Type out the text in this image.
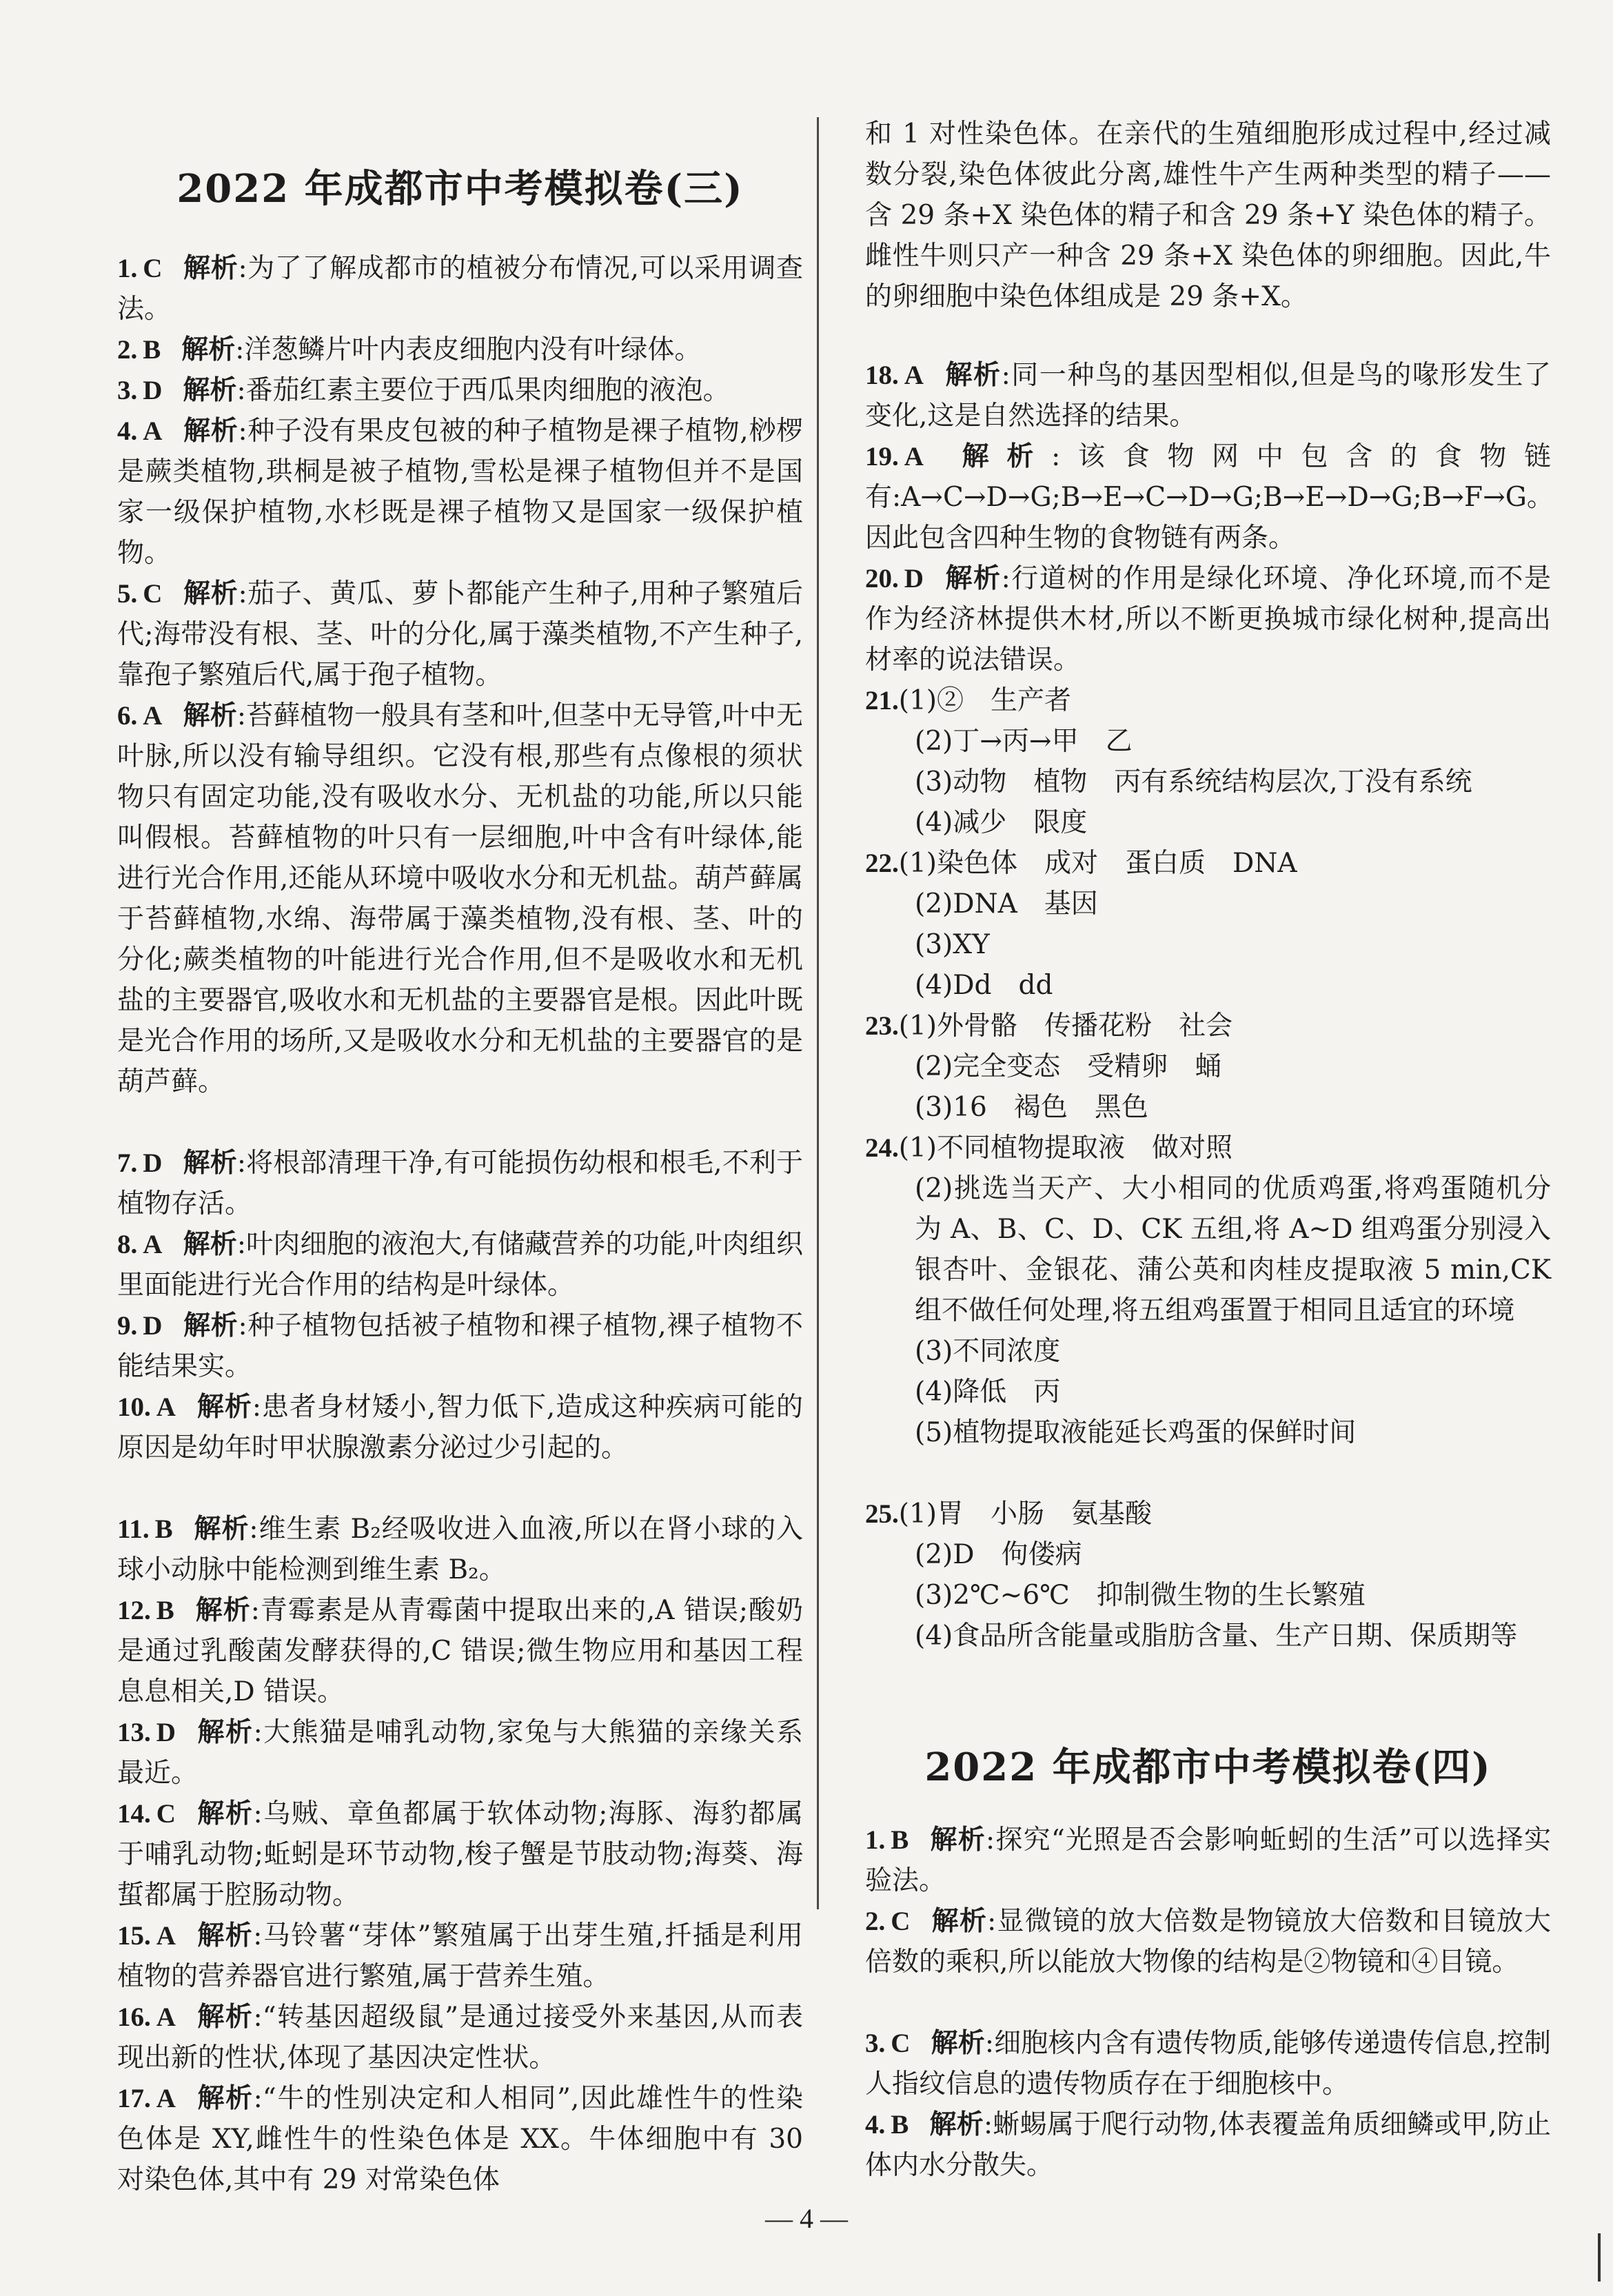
2022 年成都市中考模拟卷(三)
1. C 解析:为了了解成都市的植被分布情况,可以采用调查法。
2. B 解析:洋葱鳞片叶内表皮细胞内没有叶绿体。
3. D 解析:番茄红素主要位于西瓜果肉细胞的液泡。
4. A 解析:种子没有果皮包被的种子植物是裸子植物,桫椤是蕨类植物,珙桐是被子植物,雪松是裸子植物但并不是国家一级保护植物,水杉既是裸子植物又是国家一级保护植物。
5. C 解析:茄子、黄瓜、萝卜都能产生种子,用种子繁殖后代;海带没有根、茎、叶的分化,属于藻类植物,不产生种子,靠孢子繁殖后代,属于孢子植物。
6. A 解析:苔藓植物一般具有茎和叶,但茎中无导管,叶中无叶脉,所以没有输导组织。它没有根,那些有点像根的须状物只有固定功能,没有吸收水分、无机盐的功能,所以只能叫假根。苔藓植物的叶只有一层细胞,叶中含有叶绿体,能进行光合作用,还能从环境中吸收水分和无机盐。葫芦藓属于苔藓植物,水绵、海带属于藻类植物,没有根、茎、叶的分化;蕨类植物的叶能进行光合作用,但不是吸收水和无机盐的主要器官,吸收水和无机盐的主要器官是根。因此叶既是光合作用的场所,又是吸收水分和无机盐的主要器官的是葫芦藓。
7. D 解析:将根部清理干净,有可能损伤幼根和根毛,不利于植物存活。
8. A 解析:叶肉细胞的液泡大,有储藏营养的功能,叶肉组织里面能进行光合作用的结构是叶绿体。
9. D 解析:种子植物包括被子植物和裸子植物,裸子植物不能结果实。
10. A 解析:患者身材矮小,智力低下,造成这种疾病可能的原因是幼年时甲状腺激素分泌过少引起的。
11. B 解析:维生素 B₂经吸收进入血液,所以在肾小球的入球小动脉中能检测到维生素 B₂。
12. B 解析:青霉素是从青霉菌中提取出来的,A 错误;酸奶是通过乳酸菌发酵获得的,C 错误;微生物应用和基因工程息息相关,D 错误。
13. D 解析:大熊猫是哺乳动物,家兔与大熊猫的亲缘关系最近。
14. C 解析:乌贼、章鱼都属于软体动物;海豚、海豹都属于哺乳动物;蚯蚓是环节动物,梭子蟹是节肢动物;海葵、海蜇都属于腔肠动物。
15. A 解析:马铃薯“芽体”繁殖属于出芽生殖,扦插是利用植物的营养器官进行繁殖,属于营养生殖。
16. A 解析:“转基因超级鼠”是通过接受外来基因,从而表现出新的性状,体现了基因决定性状。
17. A 解析:“牛的性别决定和人相同”,因此雄性牛的性染色体是 XY,雌性牛的性染色体是 XX。牛体细胞中有 30 对染色体,其中有 29 对常染色体
和 1 对性染色体。在亲代的生殖细胞形成过程中,经过减数分裂,染色体彼此分离,雄性牛产生两种类型的精子——含 29 条+X 染色体的精子和含 29 条+Y 染色体的精子。雌性牛则只产一种含 29 条+X 染色体的卵细胞。因此,牛的卵细胞中染色体组成是 29 条+X。
18. A 解析:同一种鸟的基因型相似,但是鸟的喙形发生了变化,这是自然选择的结果。
19. A 解析:该食物网中包含的食物链有:A→C→D→G;B→E→C→D→G;B→E→D→G;B→F→G。因此包含四种生物的食物链有两条。
20. D 解析:行道树的作用是绿化环境、净化环境,而不是作为经济林提供木材,所以不断更换城市绿化树种,提高出材率的说法错误。
21.(1)②　生产者
(2)丁→丙→甲　乙
(3)动物　植物　丙有系统结构层次,丁没有系统
(4)减少　限度
22.(1)染色体　成对　蛋白质　DNA
(2)DNA　基因
(3)XY
(4)Dd　dd
23.(1)外骨骼　传播花粉　社会
(2)完全变态　受精卵　蛹
(3)16　褐色　黑色
24.(1)不同植物提取液　做对照
(2)挑选当天产、大小相同的优质鸡蛋,将鸡蛋随机分为 A、B、C、D、CK 五组,将 A~D 组鸡蛋分别浸入银杏叶、金银花、蒲公英和肉桂皮提取液 5 min,CK 组不做任何处理,将五组鸡蛋置于相同且适宜的环境
(3)不同浓度
(4)降低　丙
(5)植物提取液能延长鸡蛋的保鲜时间
25.(1)胃　小肠　氨基酸
(2)D　佝偻病
(3)2℃~6℃　抑制微生物的生长繁殖
(4)食品所含能量或脂肪含量、生产日期、保质期等
2022 年成都市中考模拟卷(四)
1. B 解析:探究“光照是否会影响蚯蚓的生活”可以选择实验法。
2. C 解析:显微镜的放大倍数是物镜放大倍数和目镜放大倍数的乘积,所以能放大物像的结构是②物镜和④目镜。
3. C 解析:细胞核内含有遗传物质,能够传递遗传信息,控制人指纹信息的遗传物质存在于细胞核中。
4. B 解析:蜥蜴属于爬行动物,体表覆盖角质细鳞或甲,防止体内水分散失。
— 4 —
